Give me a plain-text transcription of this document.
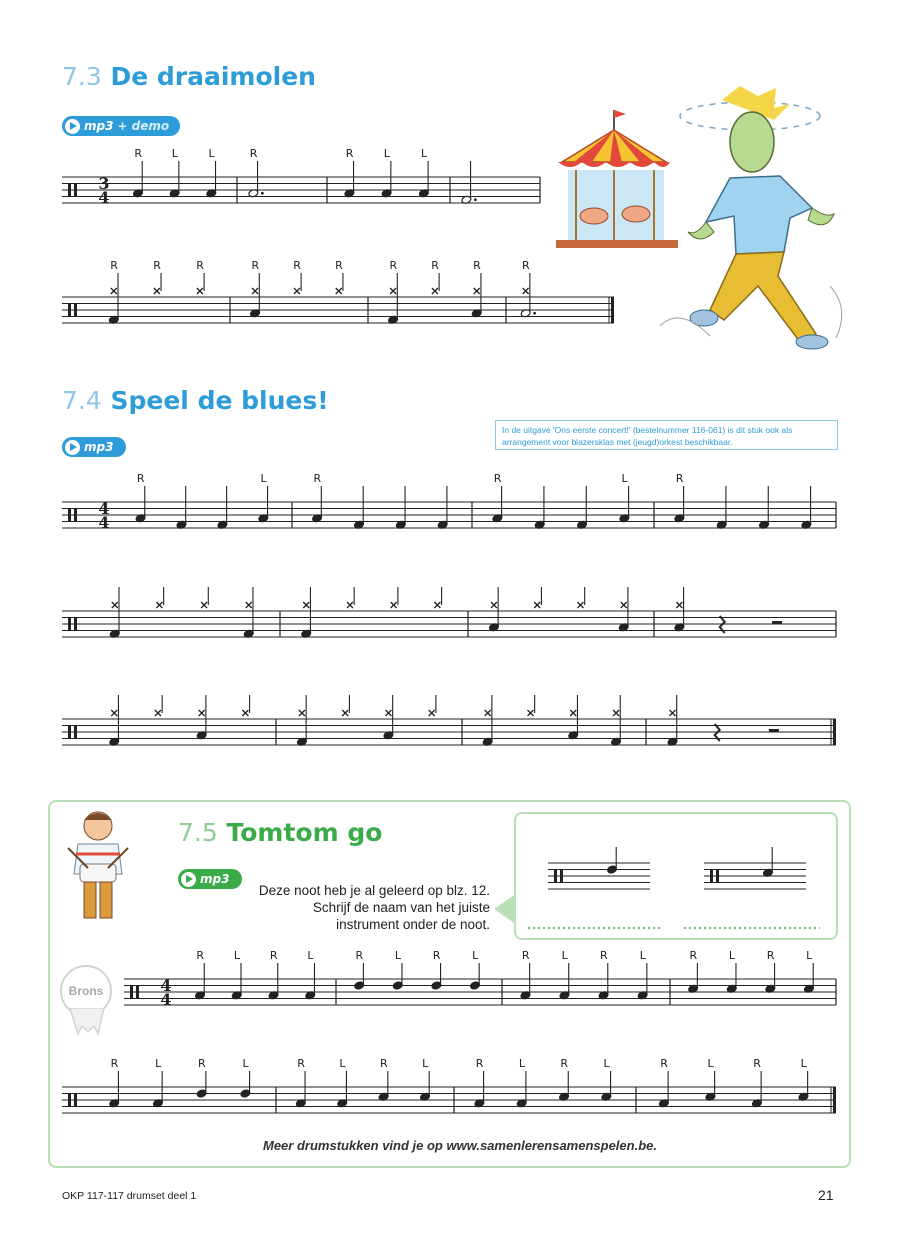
7.3 De draaimolen
mp3 + demo
7.4 Speel de blues!
mp3
In de uitgave 'Ons eerste concert!' (bestelnummer 116-061) is dit stuk ook als arrangement voor blazersklas met (jeugd)orkest beschikbaar.
7.5 Tomtom go
mp3

Deze noot heb je al geleerd op blz. 12. Schrijf de naam van het juiste instrument onder de noot.

Brons

Meer drumstukken vind je op www.samenlerensamenspelen.be.

OKP 117-117 drumset deel 1	21
3
4
R	L	L	R	R	L	L
R	R	R	R	R	R	R	R	R	R
4
4
R	L	R	R	L	R
4
4
R	L	R	L	R	L	R	L	R	L	R	L	R	L	R	L
R	L	R	L	R	L	R	L	R	L	R	L	R	L	R	L
